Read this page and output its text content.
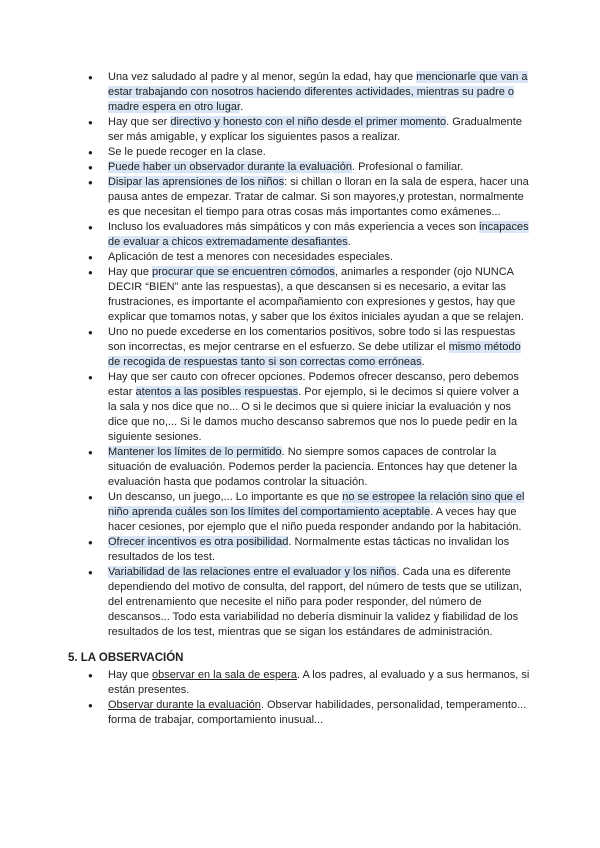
● Una vez saludado al padre y al menor, según la edad, hay que mencionarle que van a estar trabajando con nosotros haciendo diferentes actividades, mientras su padre o madre espera en otro lugar.
● Hay que ser directivo y honesto con el niño desde el primer momento. Gradualmente ser más amigable, y explicar los siguientes pasos a realizar.
● Se le puede recoger en la clase.
● Puede haber un observador durante la evaluación. Profesional o familiar.
● Disipar las aprensiones de los niños: si chillan o lloran en la sala de espera, hacer una pausa antes de empezar. Tratar de calmar. Si son mayores,y protestan, normalmente es que necesitan el tiempo para otras cosas más importantes como exámenes...
● Incluso los evaluadores más simpáticos y con más experiencia a veces son incapaces de evaluar a chicos extremadamente desafiantes.
● Aplicación de test a menores con necesidades especiales.
● Hay que procurar que se encuentren cómodos, animarles a responder (ojo NUNCA DECIR “BIEN” ante las respuestas), a que descansen si es necesario, a evitar las frustraciones, es importante el acompañamiento con expresiones y gestos, hay que explicar que tomamos notas, y saber que los éxitos iniciales ayudan a que se relajen.
● Uno no puede excederse en los comentarios positivos, sobre todo si las respuestas son incorrectas, es mejor centrarse en el esfuerzo. Se debe utilizar el mismo método de recogida de respuestas tanto si son correctas como erróneas.
● Hay que ser cauto con ofrecer opciones. Podemos ofrecer descanso, pero debemos estar atentos a las posibles respuestas. Por ejemplo, si le decimos si quiere volver a la sala y nos dice que no... O si le decimos que si quiere iniciar la evaluación y nos dice que no,... Si le damos mucho descanso sabremos que nos lo puede pedir en la siguiente sesiones.
● Mantener los límites de lo permitido. No siempre somos capaces de controlar la situación de evaluación. Podemos perder la paciencia. Entonces hay que detener la evaluación hasta que podamos controlar la situación.
● Un descanso, un juego,... Lo importante es que no se estropee la relación sino que el niño aprenda cuáles son los límites del comportamiento aceptable. A veces hay que hacer cesiones, por ejemplo que el niño pueda responder andando por la habitación.
● Ofrecer incentivos es otra posibilidad. Normalmente estas tácticas no invalidan los resultados de los test.
● Variabilidad de las relaciones entre el evaluador y los niños. Cada una es diferente dependiendo del motivo de consulta, del rapport, del número de tests que se utilizan, del entrenamiento que necesite el niño para poder responder, del número de descansos... Todo esta variabilidad no debería disminuir la validez y fiabilidad de los resultados de los test, mientras que se sigan los estándares de administración.
5. LA OBSERVACIÓN
● Hay que observar en la sala de espera. A los padres, al evaluado y a sus hermanos, si están presentes.
● Observar durante la evaluación. Observar habilidades, personalidad, temperamento... forma de trabajar, comportamiento inusual...
